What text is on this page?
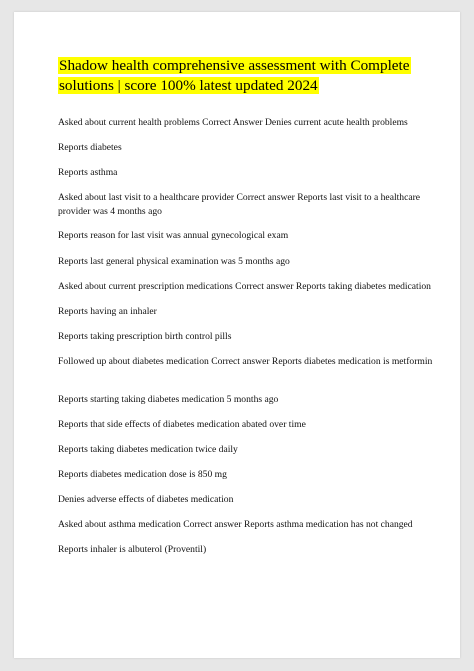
Shadow health comprehensive assessment with Complete
solutions | score 100% latest updated 2024

Asked about current health problems Correct Answer Denies current acute health problems

Reports diabetes

Reports asthma

Asked about last visit to a healthcare provider Correct answer Reports last visit to a healthcare provider was 4 months ago

Reports reason for last visit was annual gynecological exam

Reports last general physical examination was 5 months ago

Asked about current prescription medications Correct answer Reports taking diabetes medication

Reports having an inhaler

Reports taking prescription birth control pills

Followed up about diabetes medication Correct answer Reports diabetes medication is metformin

Reports starting taking diabetes medication 5 months ago

Reports that side effects of diabetes medication abated over time

Reports taking diabetes medication twice daily

Reports diabetes medication dose is 850 mg

Denies adverse effects of diabetes medication

Asked about asthma medication Correct answer Reports asthma medication has not changed

Reports inhaler is albuterol (Proventil)
